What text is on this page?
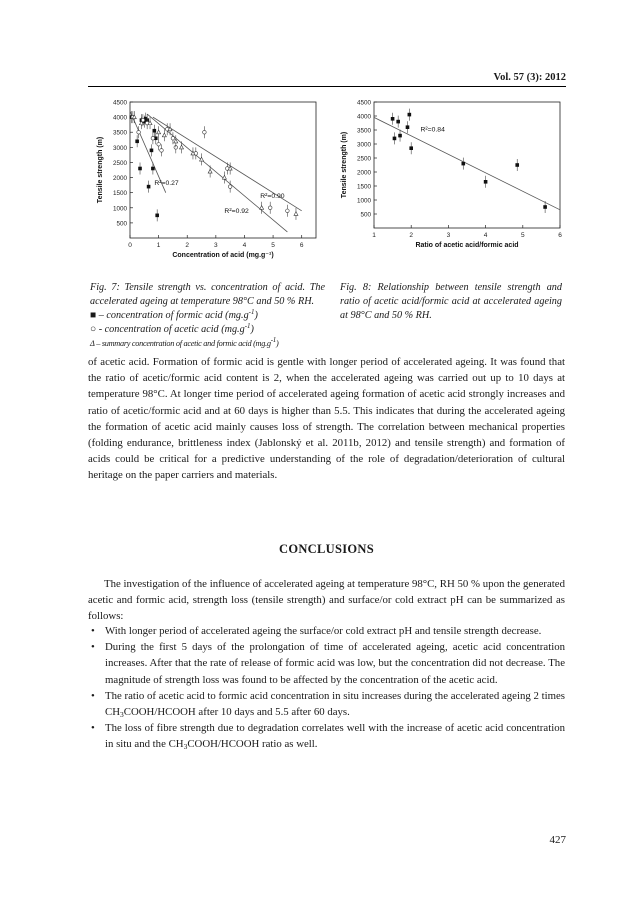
Vol. 57 (3): 2012
500
1000
1500
2000
2500
3000
3500
4000
4500
0	1	2	3	4	5	6
Tensile strength (m)
Concentration of acid (mg.g⁻¹)
R²=0.27
R²=0.90
R²=0.92	500
1000
1500
2000
2500
3000
3500
4000
4500
1	2	3	4	5	6
Tensile strength (m)
Ratio of acetic acid/formic acid
R²=0.84
Fig. 7: Tensile strength vs. concentration of acid. The accelerated ageing at temperature 98°C and 50 % RH.
■ – concentration of formic acid $(mg.g^{-1})$
○ - concentration of acetic acid $(mg.g^{-1})$
Δ – summary concentration of acetic and formic acid $(mg.g^{-1})$
Fig. 8: Relationship between tensile strength and ratio of acetic acid/formic acid at accelerated ageing at 98°C and 50 % RH.
of acetic acid. Formation of formic acid is gentle with longer period of accelerated ageing. It was found that the ratio of acetic/formic acid content is 2, when the accelerated ageing was carried out up to 10 days at temperature 98°C. At longer time period of accelerated ageing formation of acetic acid strongly increases and ratio of acetic/formic acid and at 60 days is higher than 5.5. This indicates that during the accelerated ageing the formation of acetic acid mainly causes loss of strength. The correlation between mechanical properties (folding endurance, brittleness index (Jablonský et al. 2011b, 2012) and tensile strength) and formation of acids could be critical for a predictive understanding of the role of degradation/deterioration of cultural heritage on the paper carriers and materials.
CONCLUSIONS
The investigation of the influence of accelerated ageing at temperature 98°C, RH 50 % upon the generated acetic and formic acid, strength loss (tensile strength) and surface/or cold extract pH can be summarized as follows:
• With longer period of accelerated ageing the surface/or cold extract pH and tensile strength decrease.
• During the first 5 days of the prolongation of time of accelerated ageing, acetic acid concentration increases. After that the rate of release of formic acid was low, but the concentration did not decrease. The magnitude of strength loss was found to be affected by the concentration of the acetic acid.
• The ratio of acetic acid to formic acid concentration in situ increases during the accelerated ageing 2 times $CH_3COOH$/HCOOH after 10 days and 5.5 after 60 days.
• The loss of fibre strength due to degradation correlates well with the increase of acetic acid concentration in situ and the $CH_3COOH$/HCOOH ratio as well.
427
